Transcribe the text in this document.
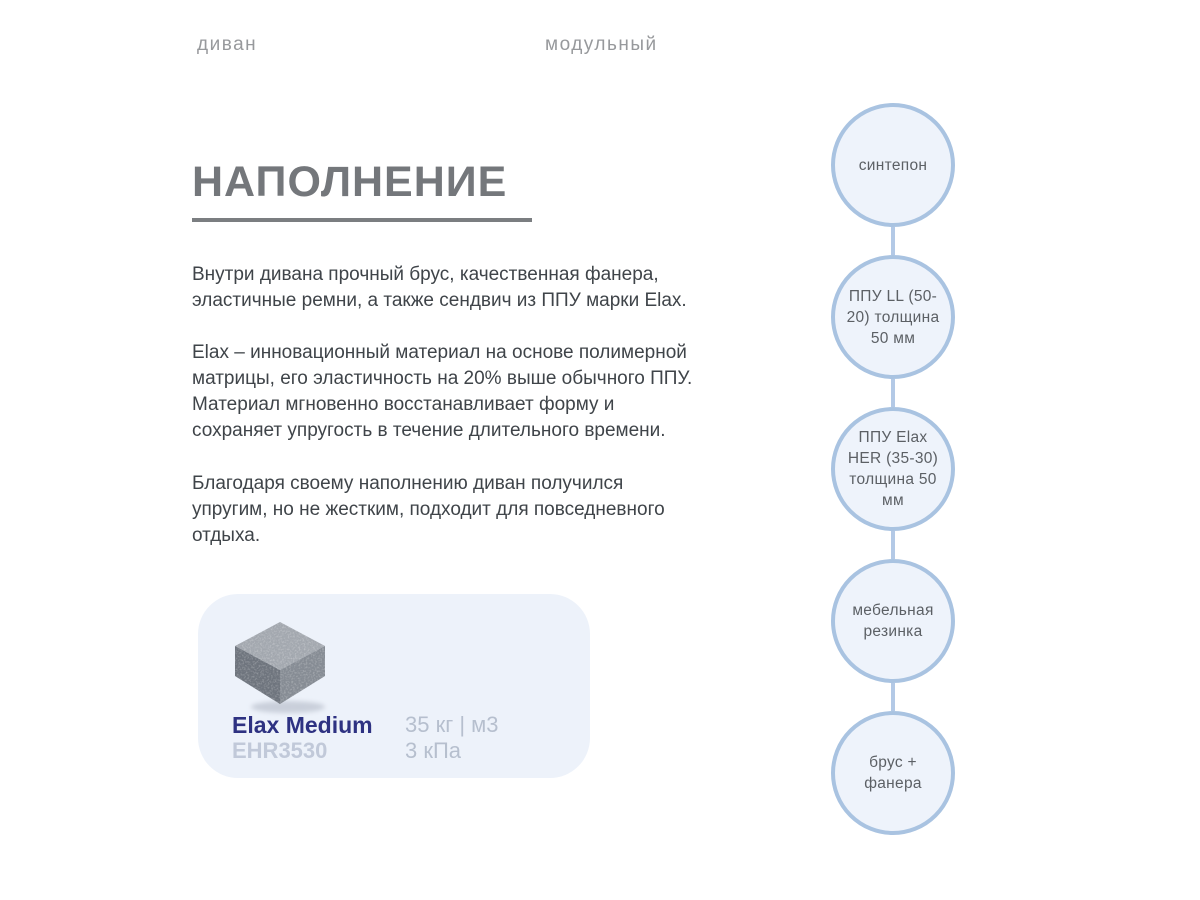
диван	модульный
НАПОЛНЕНИЕ

Внутри дивана прочный брус, качественная фанера, эластичные ремни, а также сендвич из ППУ марки Elax.

Elax – инновационный материал на основе полимерной матрицы, его эластичность на 20% выше обычного ППУ. Материал мгновенно восстанавливает форму и сохраняет упругость в течение длительного времени.

Благодаря своему наполнению диван получился упругим, но не жестким, подходит для повседневного отдыха.

Elax Medium
EHR3530
35 кг | м3
3 кПа
синтепон
ППУ LL (50-20) толщина 50 мм
ППУ Elax HER (35-30) толщина 50 мм
мебельная резинка
брус + фанера
